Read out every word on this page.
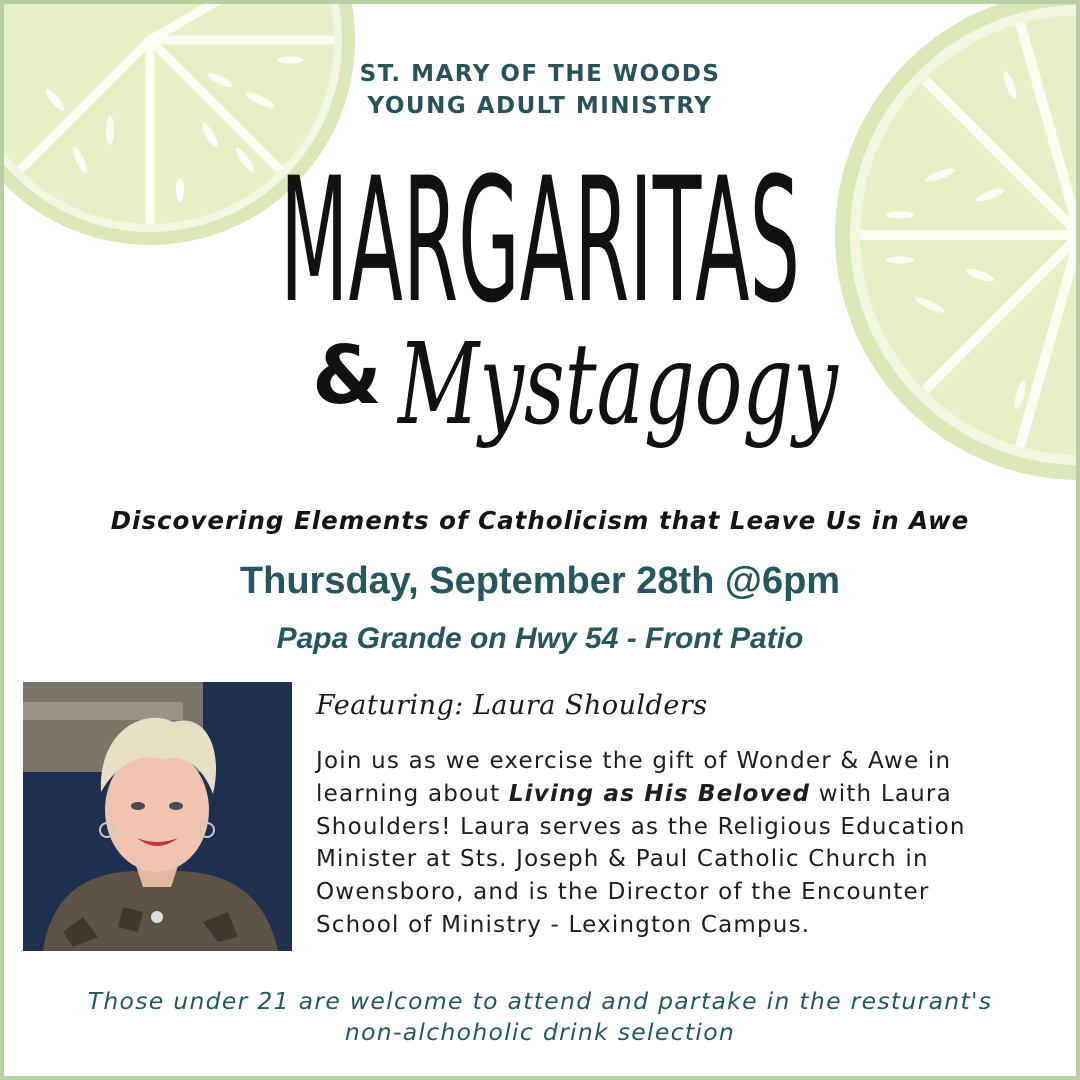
ST. MARY OF THE WOODS
YOUNG ADULT MINISTRY
MARGARITAS
& Mystagogy
Discovering Elements of Catholicism that Leave Us in Awe
Thursday, September 28th @6pm
Papa Grande on Hwy 54 - Front Patio
Featuring: Laura Shoulders
Join us as we exercise the gift of Wonder & Awe in
learning about Living as His Beloved with Laura
Shoulders! Laura serves as the Religious Education
Minister at Sts. Joseph & Paul Catholic Church in
Owensboro, and is the Director of the Encounter
School of Ministry - Lexington Campus.
Those under 21 are welcome to attend and partake in the resturant's
non-alchoholic drink selection
